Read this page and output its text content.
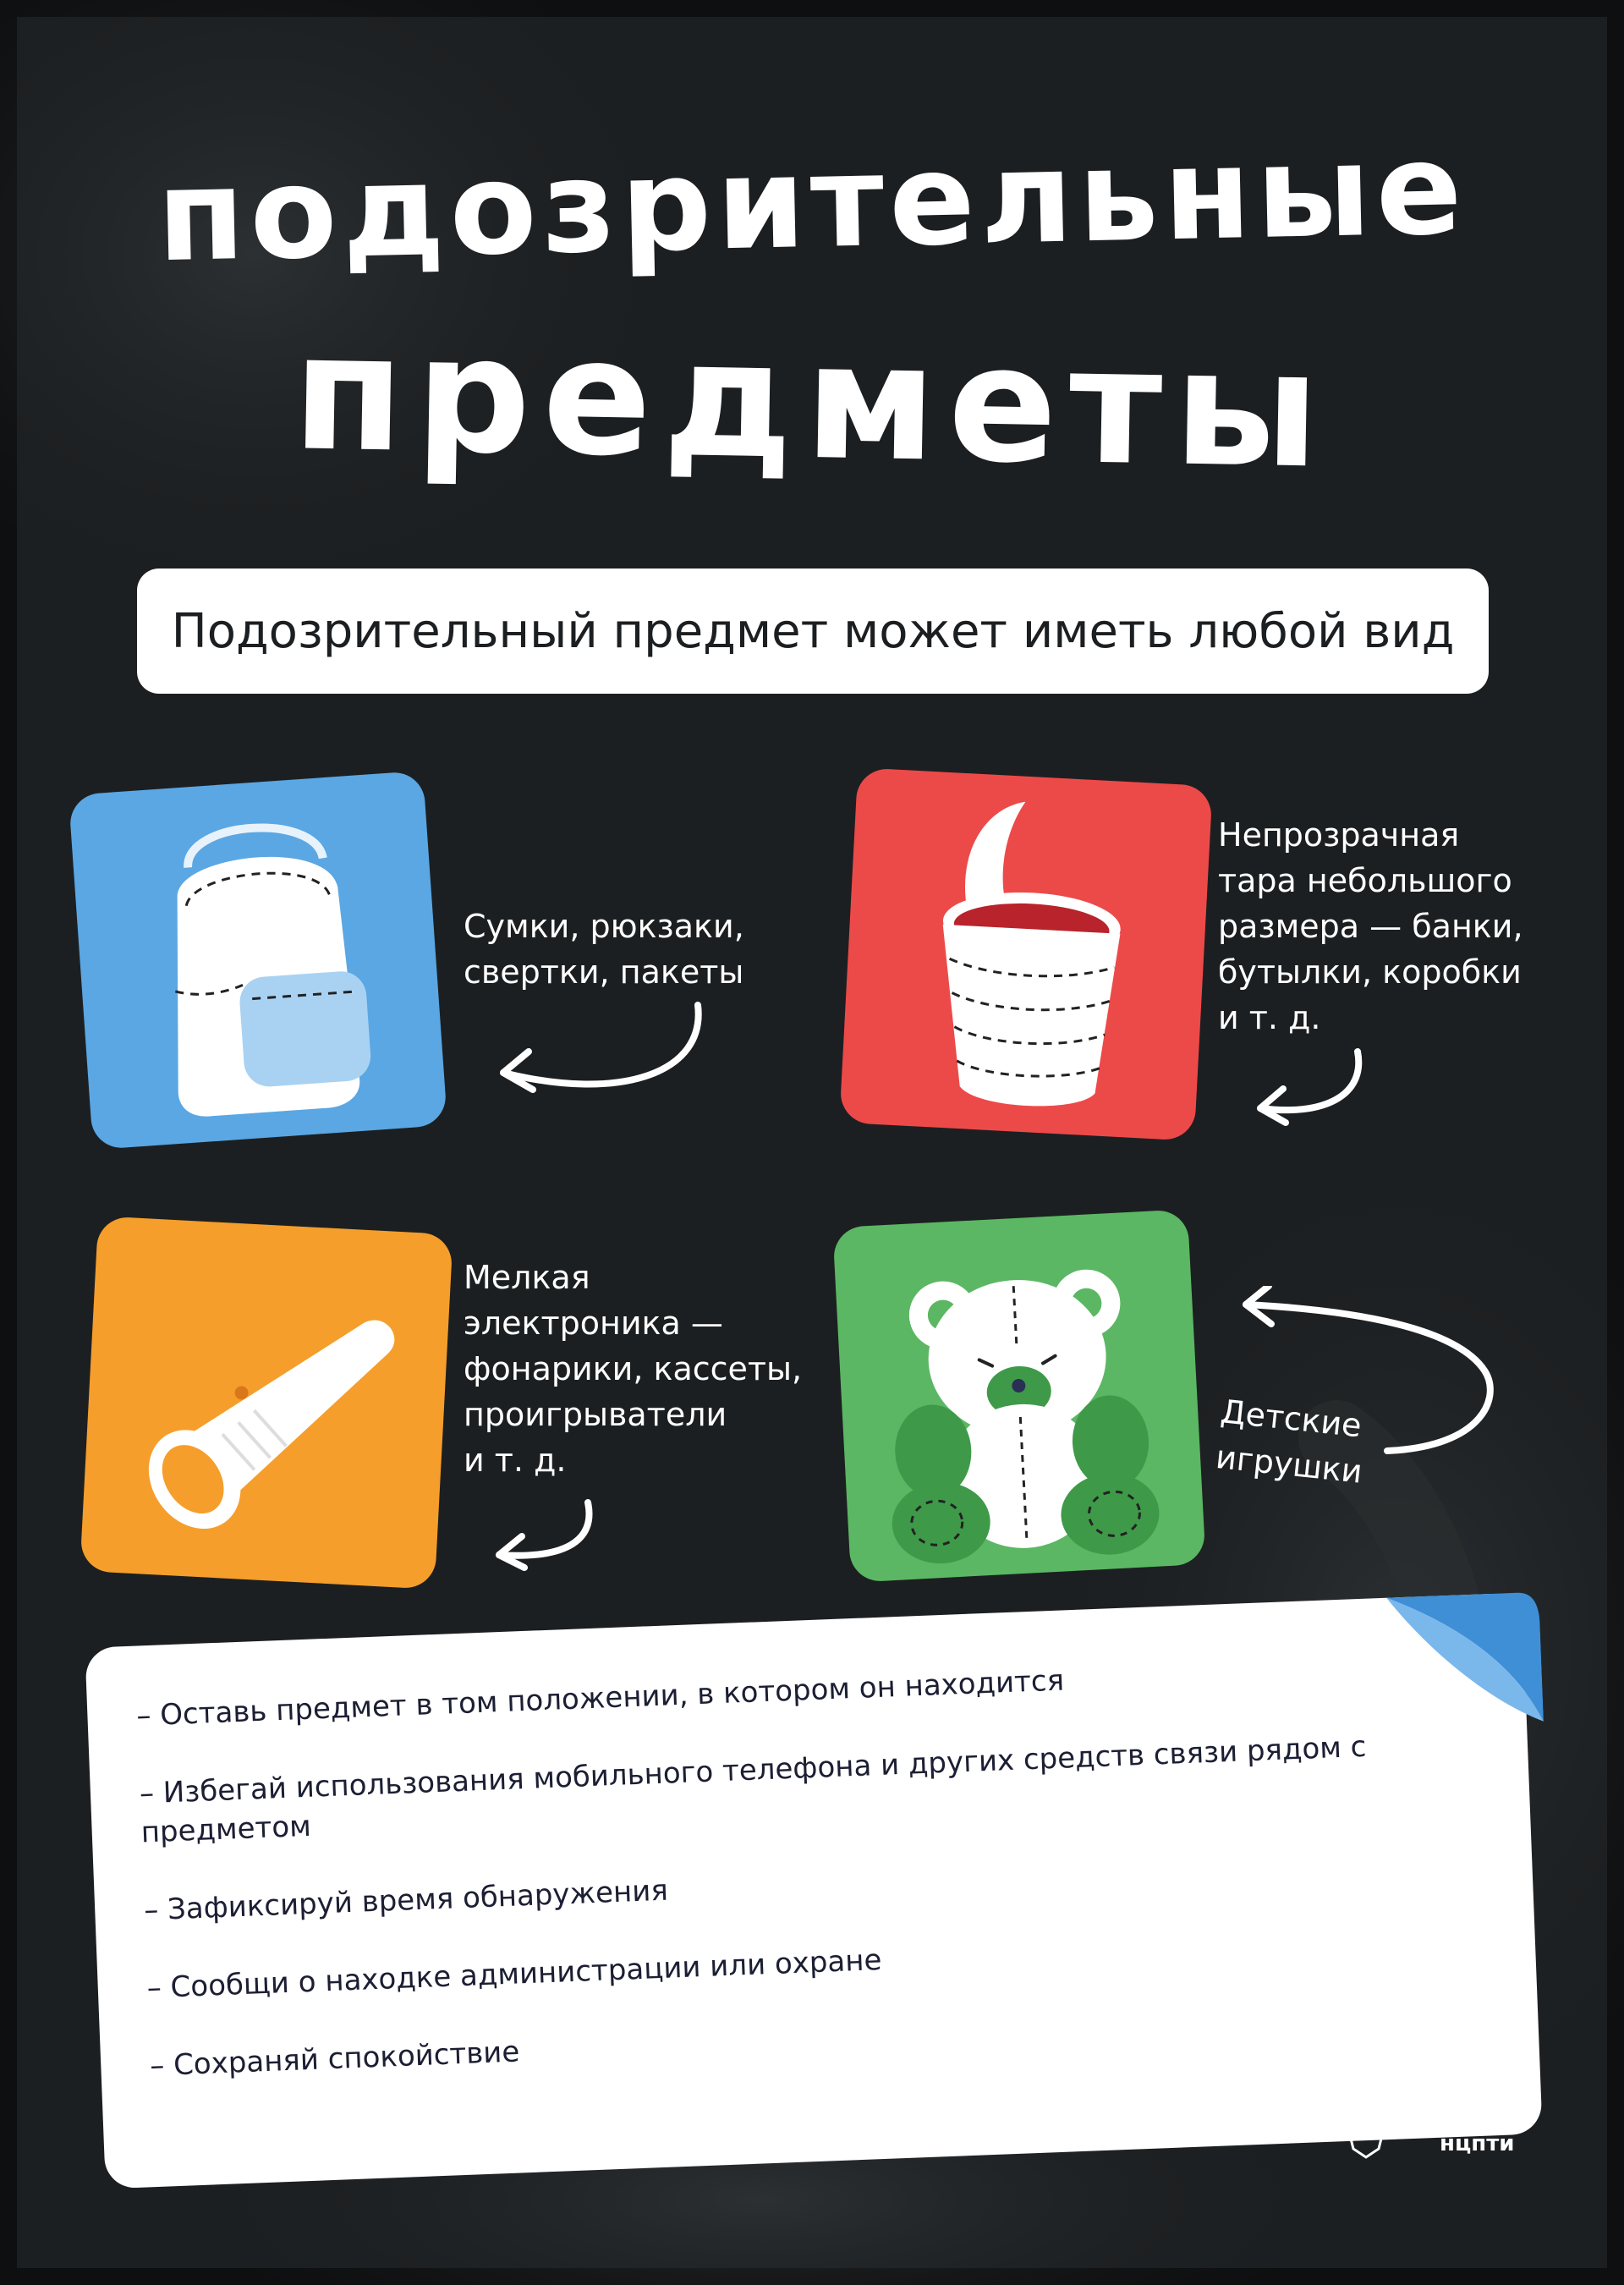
подозрительные
предметы
Подозрительный предмет может иметь любой вид
Сумки, рюкзаки,
свертки, пакеты
Непрозрачная
тара небольшого
размера — банки,
бутылки, коробки
и т. д.
Мелкая
электроника —
фонарики, кассеты,
проигрыватели
и т. д.
Детские
игрушки
– Оставь предмет в том положении, в котором он находится
– Избегай использования мобильного телефона и других средств связи рядом с предметом
– Зафиксируй время обнаружения
– Сообщи о находке администрации или охране
– Сохраняй спокойствие
содод
нцпти
